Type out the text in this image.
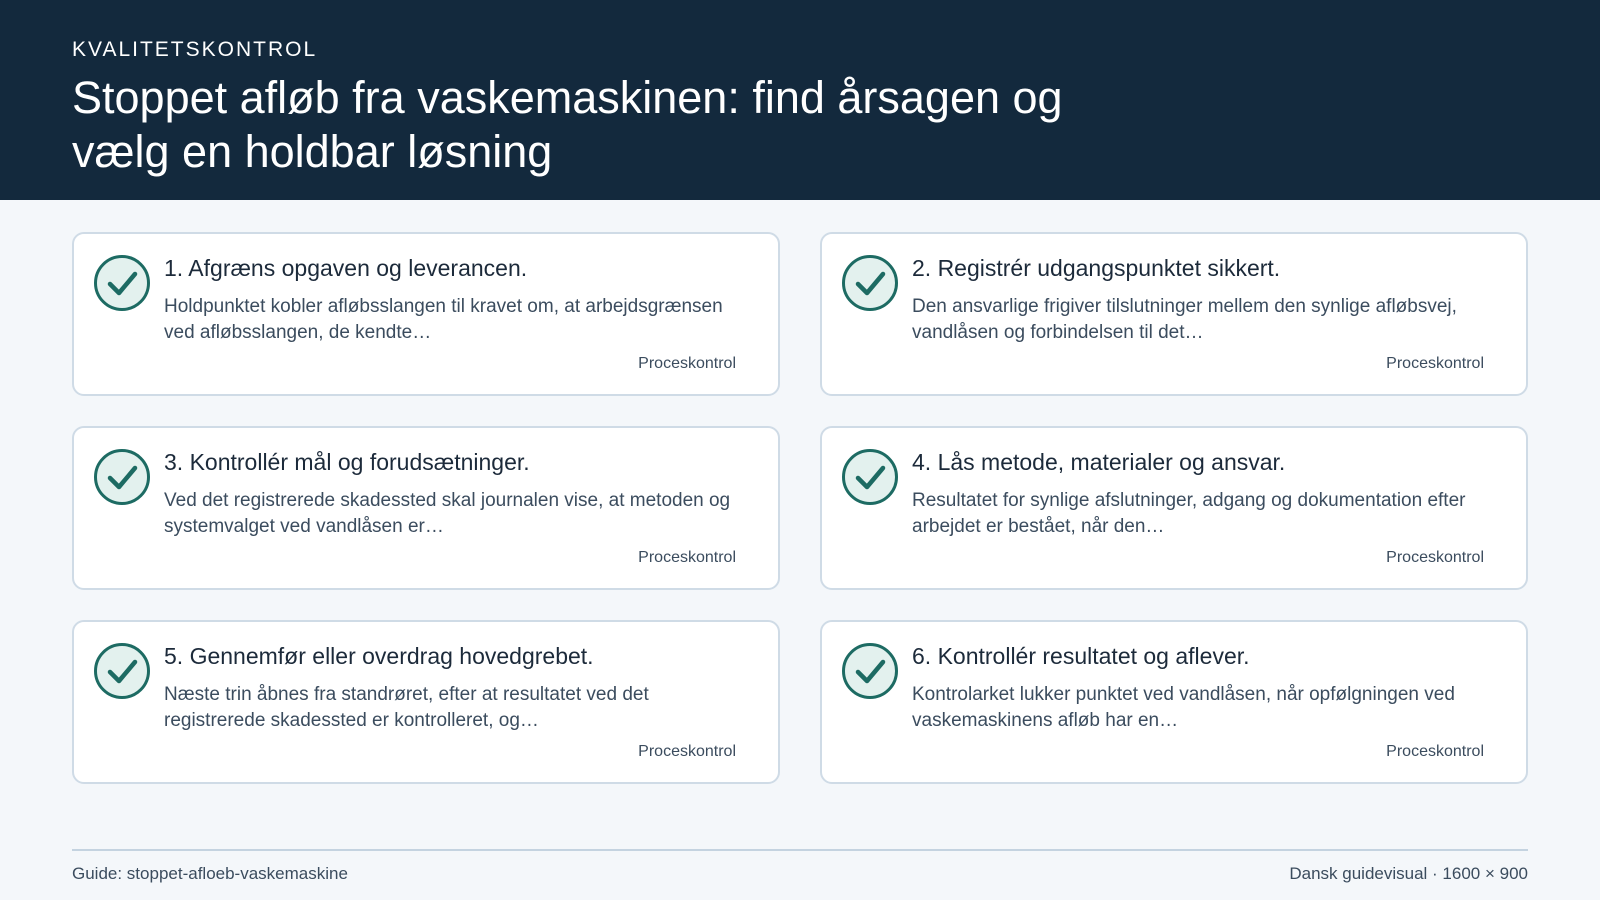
KVALITETSKONTROL
Stoppet afløb fra vaskemaskinen: find årsagen og vælg en holdbar løsning
1. Afgræns opgaven og leverancen.
Holdpunktet kobler afløbsslangen til kravet om, at arbejdsgrænsen ved afløbsslangen, de kendte…
Proceskontrol
2. Registrér udgangspunktet sikkert.
Den ansvarlige frigiver tilslutninger mellem den synlige afløbsvej, vandlåsen og forbindelsen til det…
Proceskontrol
3. Kontrollér mål og forudsætninger.
Ved det registrerede skadessted skal journalen vise, at metoden og systemvalget ved vandlåsen er…
Proceskontrol
4. Lås metode, materialer og ansvar.
Resultatet for synlige afslutninger, adgang og dokumentation efter arbejdet er bestået, når den…
Proceskontrol
5. Gennemfør eller overdrag hovedgrebet.
Næste trin åbnes fra standrøret, efter at resultatet ved det registrerede skadessted er kontrolleret, og…
Proceskontrol
6. Kontrollér resultatet og aflever.
Kontrolarket lukker punktet ved vandlåsen, når opfølgningen ved vaskemaskinens afløb har en…
Proceskontrol
Guide: stoppet-afloeb-vaskemaskine	Dansk guidevisual · 1600 × 900
